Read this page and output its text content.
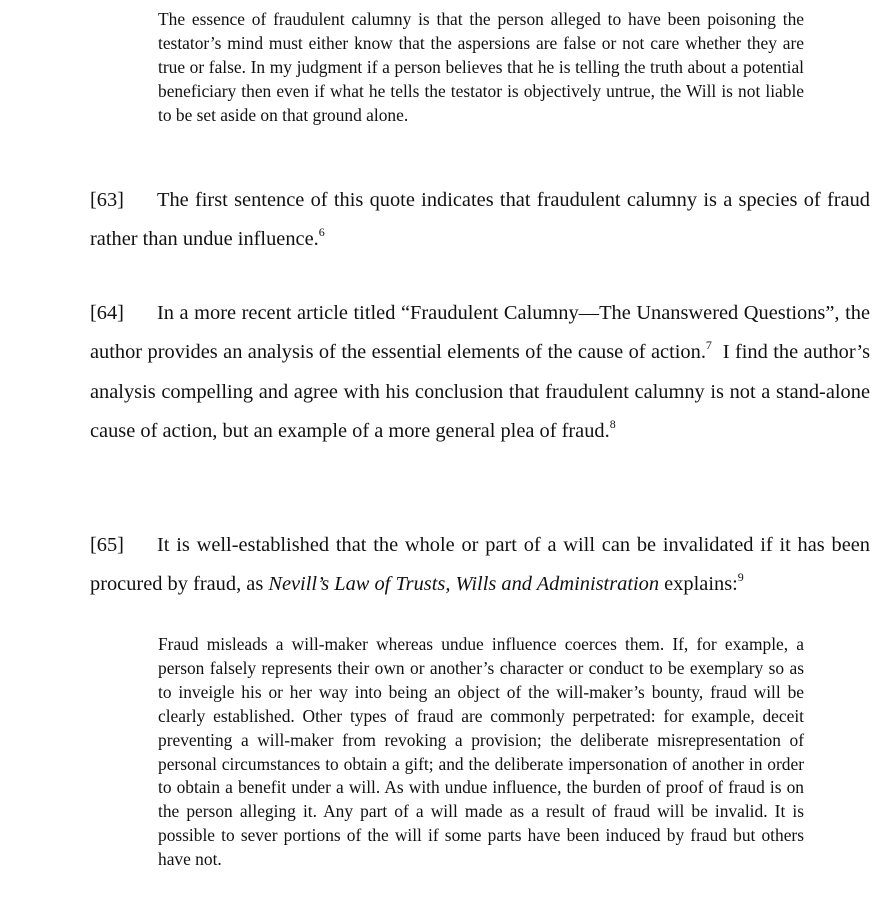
The essence of fraudulent calumny is that the person alleged to have been poisoning the testator’s mind must either know that the aspersions are false or not care whether they are true or false. In my judgment if a person believes that he is telling the truth about a potential beneficiary then even if what he tells the testator is objectively untrue, the Will is not liable to be set aside on that ground alone.
[63] The first sentence of this quote indicates that fraudulent calumny is a species of fraud rather than undue influence.$^6$
[64] In a more recent article titled “Fraudulent Calumny—The Unanswered Questions”, the author provides an analysis of the essential elements of the cause of action.$^7$  I find the author’s analysis compelling and agree with his conclusion that fraudulent calumny is not a stand-alone cause of action, but an example of a more general plea of fraud.$^8$
[65] It is well-established that the whole or part of a will can be invalidated if it has been procured by fraud, as Nevill’s Law of Trusts, Wills and Administration explains:$^9$
Fraud misleads a will-maker whereas undue influence coerces them. If, for example, a person falsely represents their own or another’s character or conduct to be exemplary so as to inveigle his or her way into being an object of the will-maker’s bounty, fraud will be clearly established. Other types of fraud are commonly perpetrated: for example, deceit preventing a will-maker from revoking a provision; the deliberate misrepresentation of personal circumstances to obtain a gift; and the deliberate impersonation of another in order to obtain a benefit under a will. As with undue influence, the burden of proof of fraud is on the person alleging it. Any part of a will made as a result of fraud will be invalid. It is possible to sever portions of the will if some parts have been induced by fraud but others have not.
